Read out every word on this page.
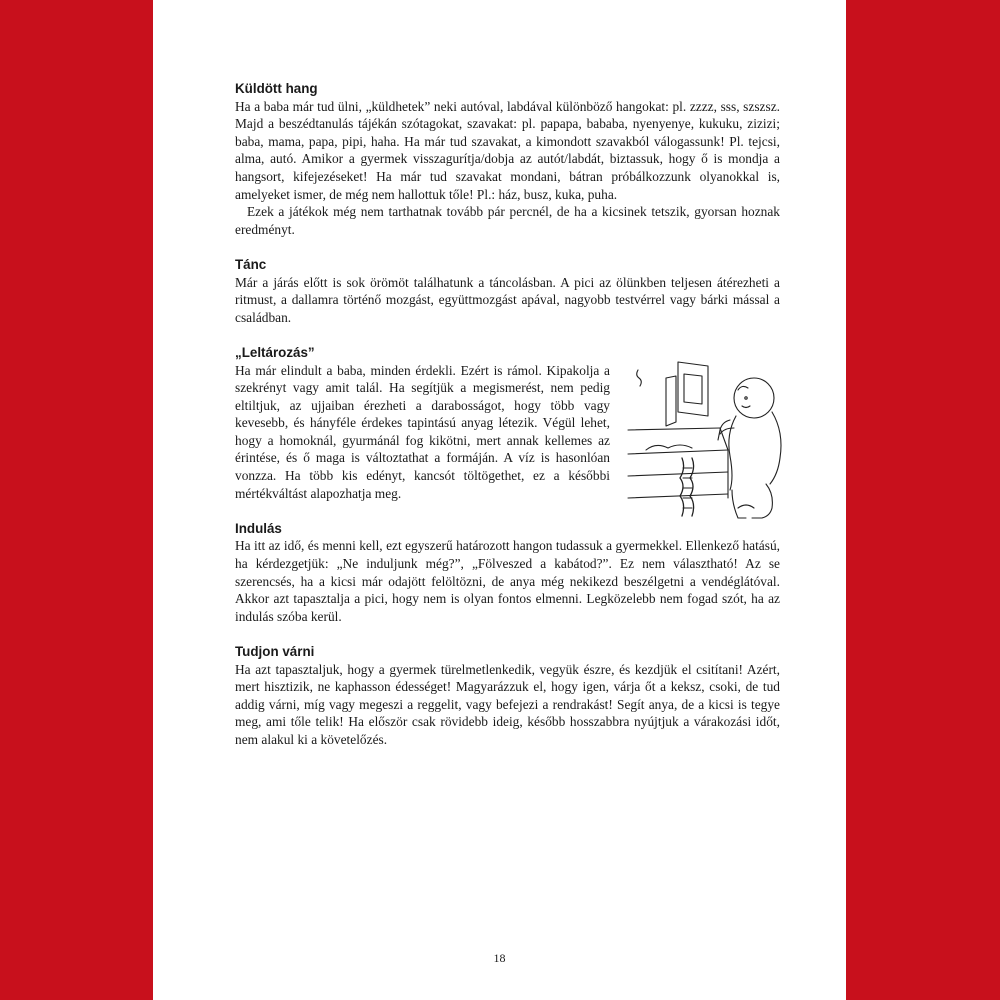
Küldött hang

Ha a baba már tud ülni, „küldhetek” neki autóval, labdával különböző hangokat: pl. zzzz, sss, szszsz. Majd a beszédtanulás tájékán szótagokat, szavakat: pl. papapa, bababa, nyenyenye, kukuku, zizizi; baba, mama, papa, pipi, haha. Ha már tud szavakat, a kimondott szavakból válogassunk! Pl. tejcsi, alma, autó. Amikor a gyermek visszagurítja/dobja az autót/labdát, biztassuk, hogy ő is mondja a hangsort, kifejezéseket! Ha már tud szavakat mondani, bátran próbálkozzunk olyanokkal is, amelyeket ismer, de még nem hallottuk tőle! Pl.: ház, busz, kuka, puha.

Ezek a játékok még nem tarthatnak tovább pár percnél, de ha a kicsinek tetszik, gyorsan hoznak eredményt.

Tánc

Már a járás előtt is sok örömöt találhatunk a táncolásban. A pici az ölünkben teljesen átérezheti a ritmust, a dallamra történő mozgást, együttmozgást apával, nagyobb testvérrel vagy bárki mással a családban.

„Leltározás”

Ha már elindult a baba, minden érdekli. Ezért is rámol. Kipakolja a szekrényt vagy amit talál. Ha segítjük a megismerést, nem pedig eltiltjuk, az ujjaiban érezheti a darabosságot, hogy több vagy kevesebb, és hányféle érdekes tapintású anyag létezik. Végül lehet, hogy a homoknál, gyurmánál fog kikötni, mert annak kellemes az érintése, és ő maga is változtathat a formáján. A víz is hasonlóan vonzza. Ha több kis edényt, kancsót töltögethet, ez a későbbi mértékváltást alapozhatja meg.

Indulás

Ha itt az idő, és menni kell, ezt egyszerű határozott hangon tudassuk a gyermekkel. Ellenkező hatású, ha kérdezgetjük: „Ne induljunk még?”, „Fölveszed a kabátod?”. Ez nem választható! Az se szerencsés, ha a kicsi már odajött felöltözni, de anya még nekikezd beszélgetni a vendéglátóval. Akkor azt tapasztalja a pici, hogy nem is olyan fontos elmenni. Legközelebb nem fogad szót, ha az indulás szóba kerül.

Tudjon várni

Ha azt tapasztaljuk, hogy a gyermek türelmetlenkedik, vegyük észre, és kezdjük el csitítani! Azért, mert hisztizik, ne kaphasson édességet! Magyarázzuk el, hogy igen, várja őt a keksz, csoki, de tud addig várni, míg vagy megeszi a reggelit, vagy befejezi a rendrakást! Segít anya, de a kicsi is tegye meg, ami tőle telik! Ha először csak rövidebb ideig, később hosszabbra nyújtjuk a várakozási időt, nem alakul ki a követelőzés.

18
